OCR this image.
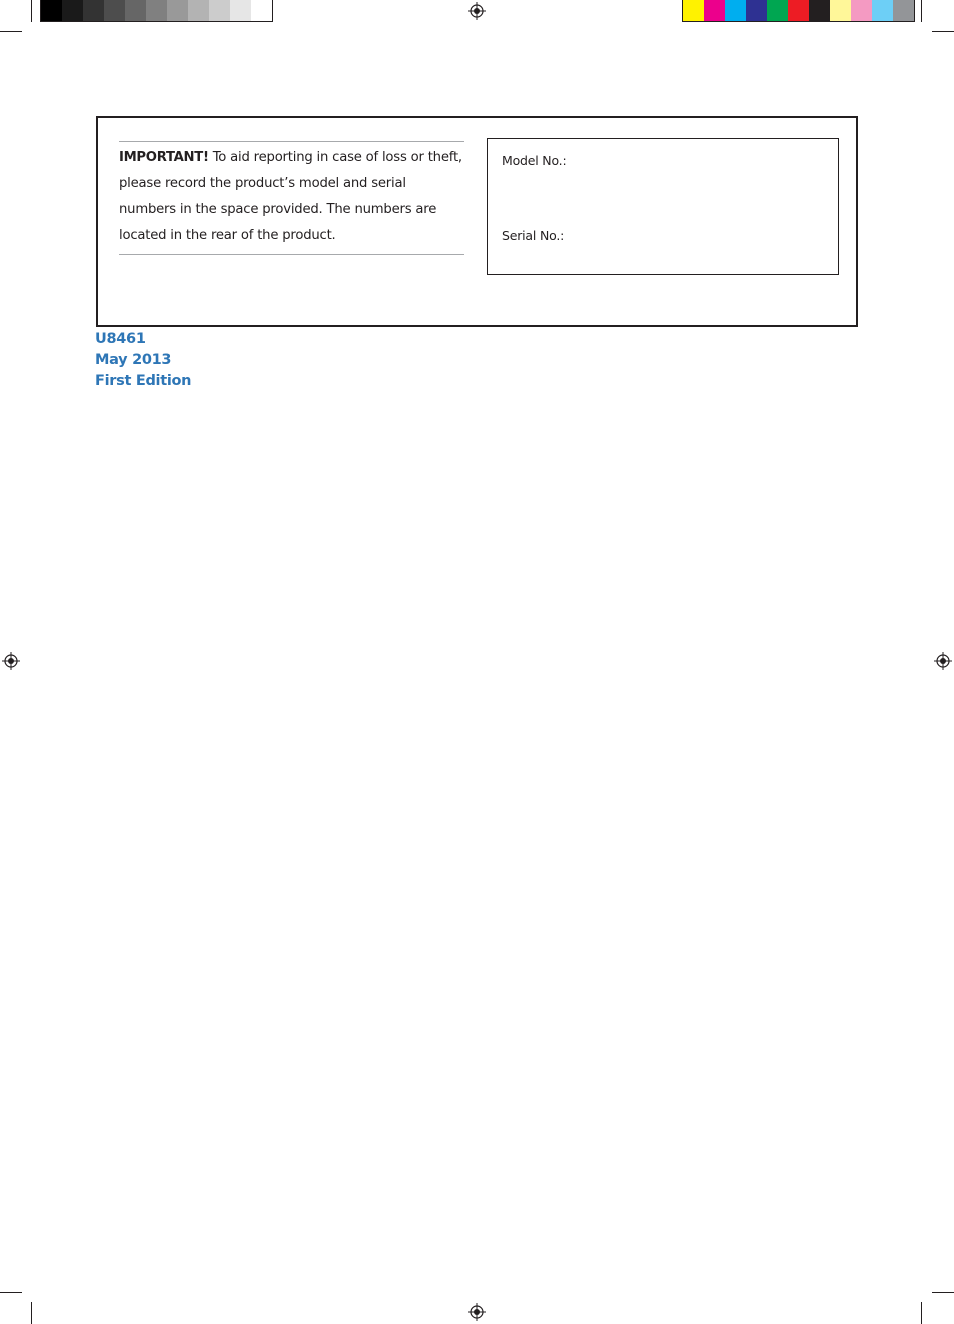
IMPORTANT! To aid reporting in case of loss or theft, please record the product’s model and serial numbers in the space provided. The numbers are located in the rear of the product.
Model No.:
Serial No.:
U8461
May 2013
First Edition
